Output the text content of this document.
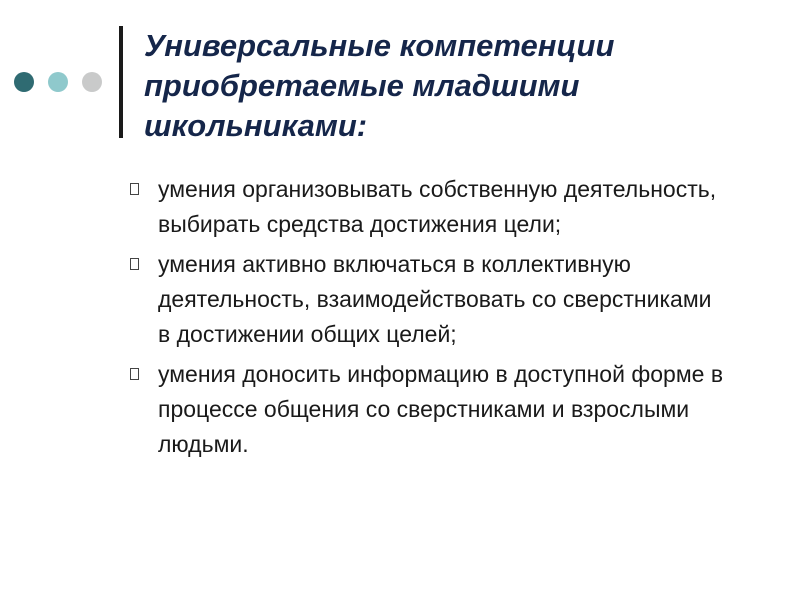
Универсальные компетенции приобретаемые младшими школьниками:
умения организовывать собственную деятельность, выбирать средства достижения цели;
умения активно включаться в коллективную деятельность, взаимодействовать со сверстниками в достижении общих целей;
умения доносить информацию в доступной форме в процессе общения со сверстниками и взрослыми людьми.
